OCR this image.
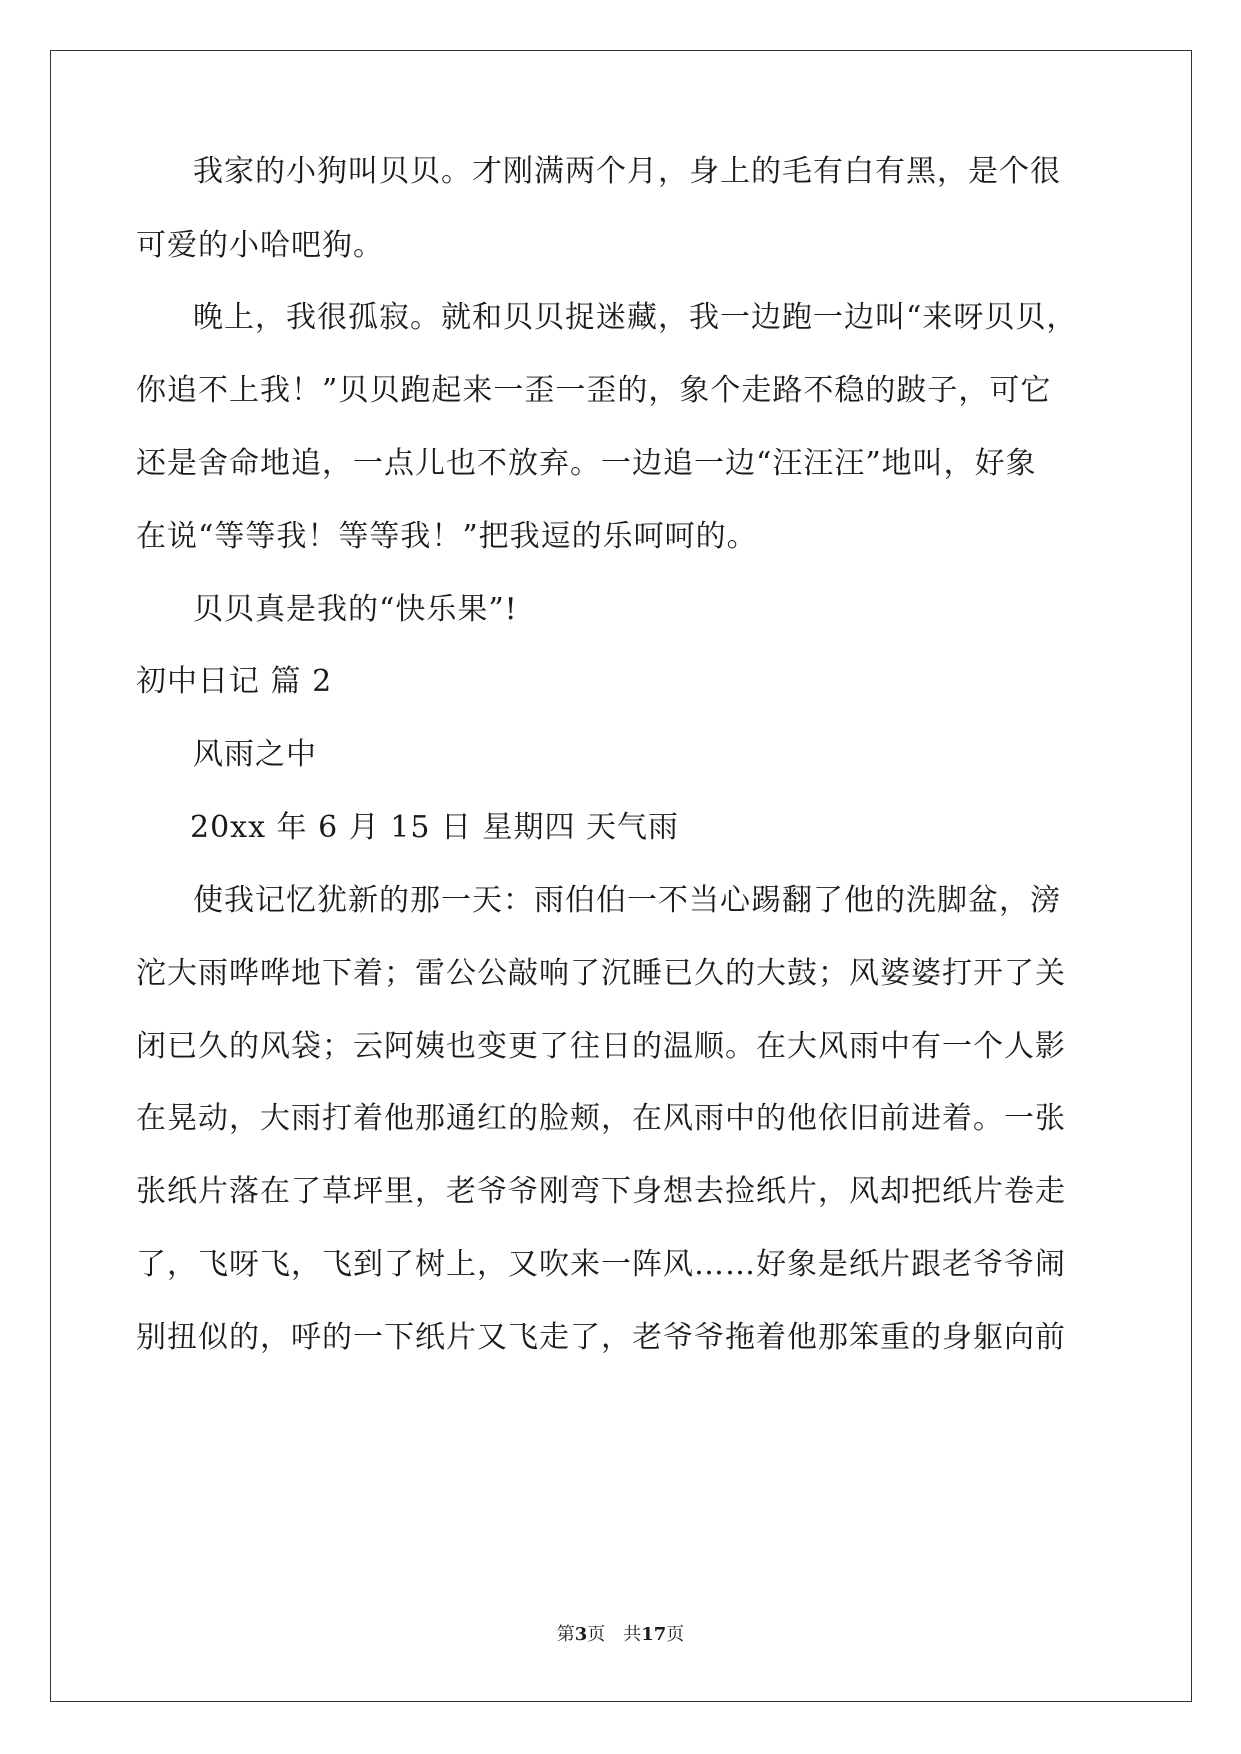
我家的小狗叫贝贝。才刚满两个月，身上的毛有白有黑，是个很
可爱的小哈吧狗。
晚上，我很孤寂。就和贝贝捉迷藏，我一边跑一边叫“来呀贝贝，
你追不上我！”贝贝跑起来一歪一歪的，象个走路不稳的跛子，可它
还是舍命地追，一点儿也不放弃。一边追一边“汪汪汪”地叫，好象
在说“等等我！等等我！”把我逗的乐呵呵的。
贝贝真是我的“快乐果”!
初中日记 篇 2
风雨之中
20xx 年 6 月 15 日 星期四 天气雨
使我记忆犹新的那一天：雨伯伯一不当心踢翻了他的洗脚盆，滂
沱大雨哗哗地下着；雷公公敲响了沉睡已久的大鼓；风婆婆打开了关
闭已久的风袋；云阿姨也变更了往日的温顺。在大风雨中有一个人影
在晃动，大雨打着他那通红的脸颊，在风雨中的他依旧前进着。一张
张纸片落在了草坪里，老爷爷刚弯下身想去捡纸片，风却把纸片卷走
了，飞呀飞，飞到了树上，又吹来一阵风……好象是纸片跟老爷爷闹
别扭似的，呼的一下纸片又飞走了，老爷爷拖着他那笨重的身躯向前
第3页 共17页
